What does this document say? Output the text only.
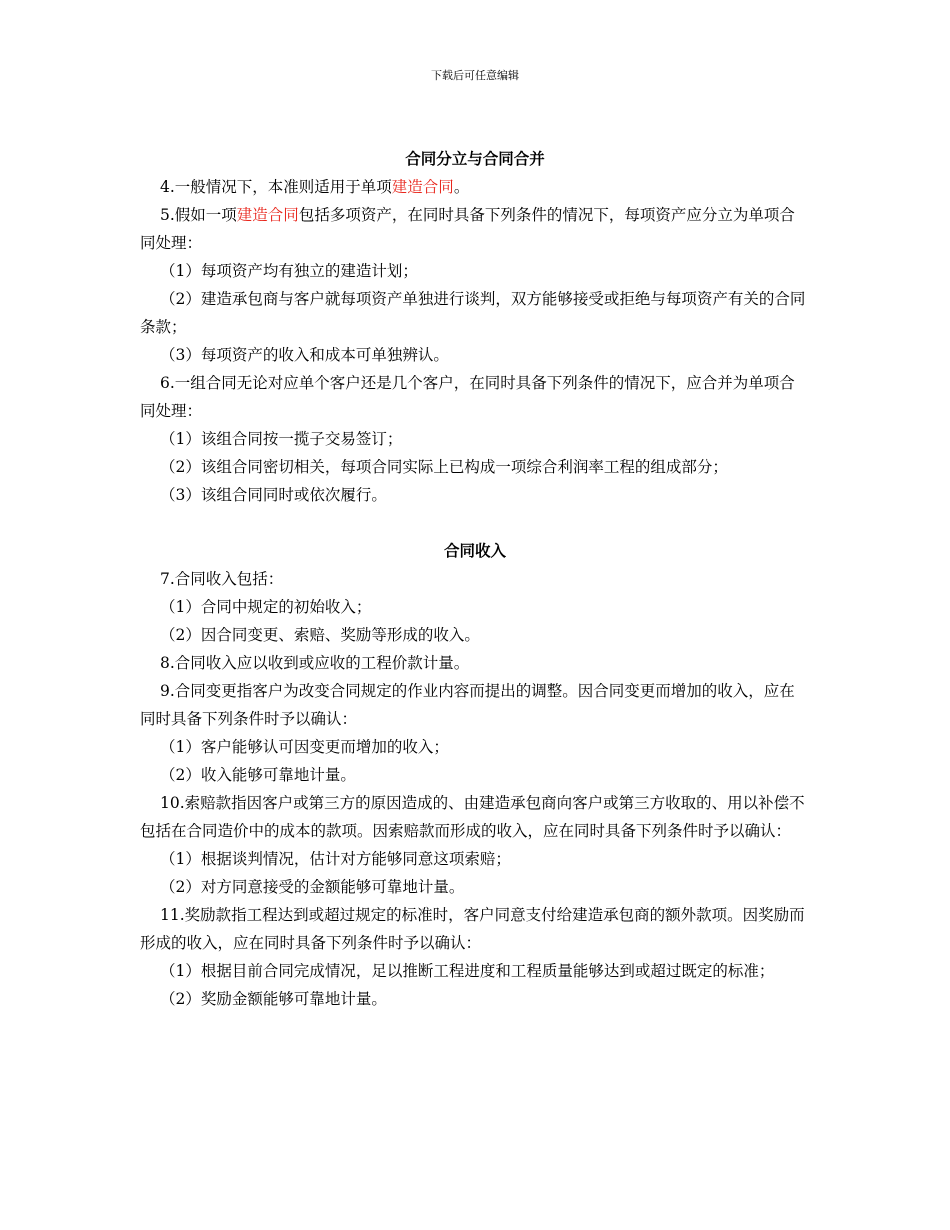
下载后可任意编辑
合同分立与合同合并
4.一般情况下，本准则适用于单项建造合同。
5.假如一项建造合同包括多项资产，在同时具备下列条件的情况下，每项资产应分立为单项合同处理：
（1）每项资产均有独立的建造计划；
（2）建造承包商与客户就每项资产单独进行谈判，双方能够接受或拒绝与每项资产有关的合同条款；
（3）每项资产的收入和成本可单独辨认。
6.一组合同无论对应单个客户还是几个客户，在同时具备下列条件的情况下，应合并为单项合同处理：
（1）该组合同按一揽子交易签订；
（2）该组合同密切相关，每项合同实际上已构成一项综合利润率工程的组成部分；
（3）该组合同同时或依次履行。
合同收入
7.合同收入包括：
（1）合同中规定的初始收入；
（2）因合同变更、索赔、奖励等形成的收入。
8.合同收入应以收到或应收的工程价款计量。
9.合同变更指客户为改变合同规定的作业内容而提出的调整。因合同变更而增加的收入，应在同时具备下列条件时予以确认：
（1）客户能够认可因变更而增加的收入；
（2）收入能够可靠地计量。
10.索赔款指因客户或第三方的原因造成的、由建造承包商向客户或第三方收取的、用以补偿不包括在合同造价中的成本的款项。因索赔款而形成的收入，应在同时具备下列条件时予以确认：
（1）根据谈判情况，估计对方能够同意这项索赔；
（2）对方同意接受的金额能够可靠地计量。
11.奖励款指工程达到或超过规定的标准时，客户同意支付给建造承包商的额外款项。因奖励而形成的收入，应在同时具备下列条件时予以确认：
（1）根据目前合同完成情况，足以推断工程进度和工程质量能够达到或超过既定的标准；
（2）奖励金额能够可靠地计量。
